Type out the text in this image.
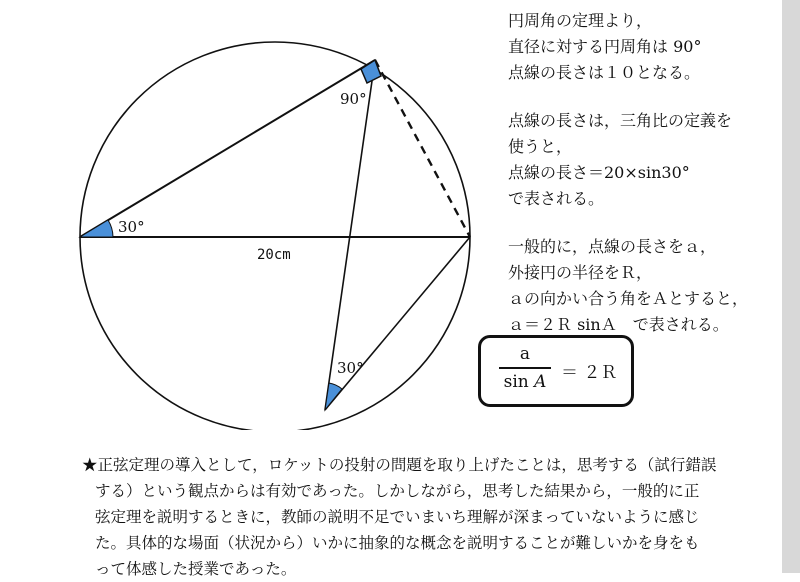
90°
30°
30°
20cm
円周角の定理より，
直径に対する円周角は 90°
点線の長さは１０となる。
点線の長さは，三角比の定義を
使うと，
点線の長さ＝20×sin30°
で表される。
一般的に，点線の長さをａ，
外接円の半径をＲ，
ａの向かい合う角をＡとすると，
ａ＝２Ｒ sinＡ　で表される。
a
sin A ＝ ２Ｒ
★正弦定理の導入として，ロケットの投射の問題を取り上げたことは，思考する（試行錯誤
する）という観点からは有効であった。しかしながら，思考した結果から，一般的に正
弦定理を説明するときに，教師の説明不足でいまいち理解が深まっていないように感じ
た。具体的な場面（状況から）いかに抽象的な概念を説明することが難しいかを身をも
って体感した授業であった。
